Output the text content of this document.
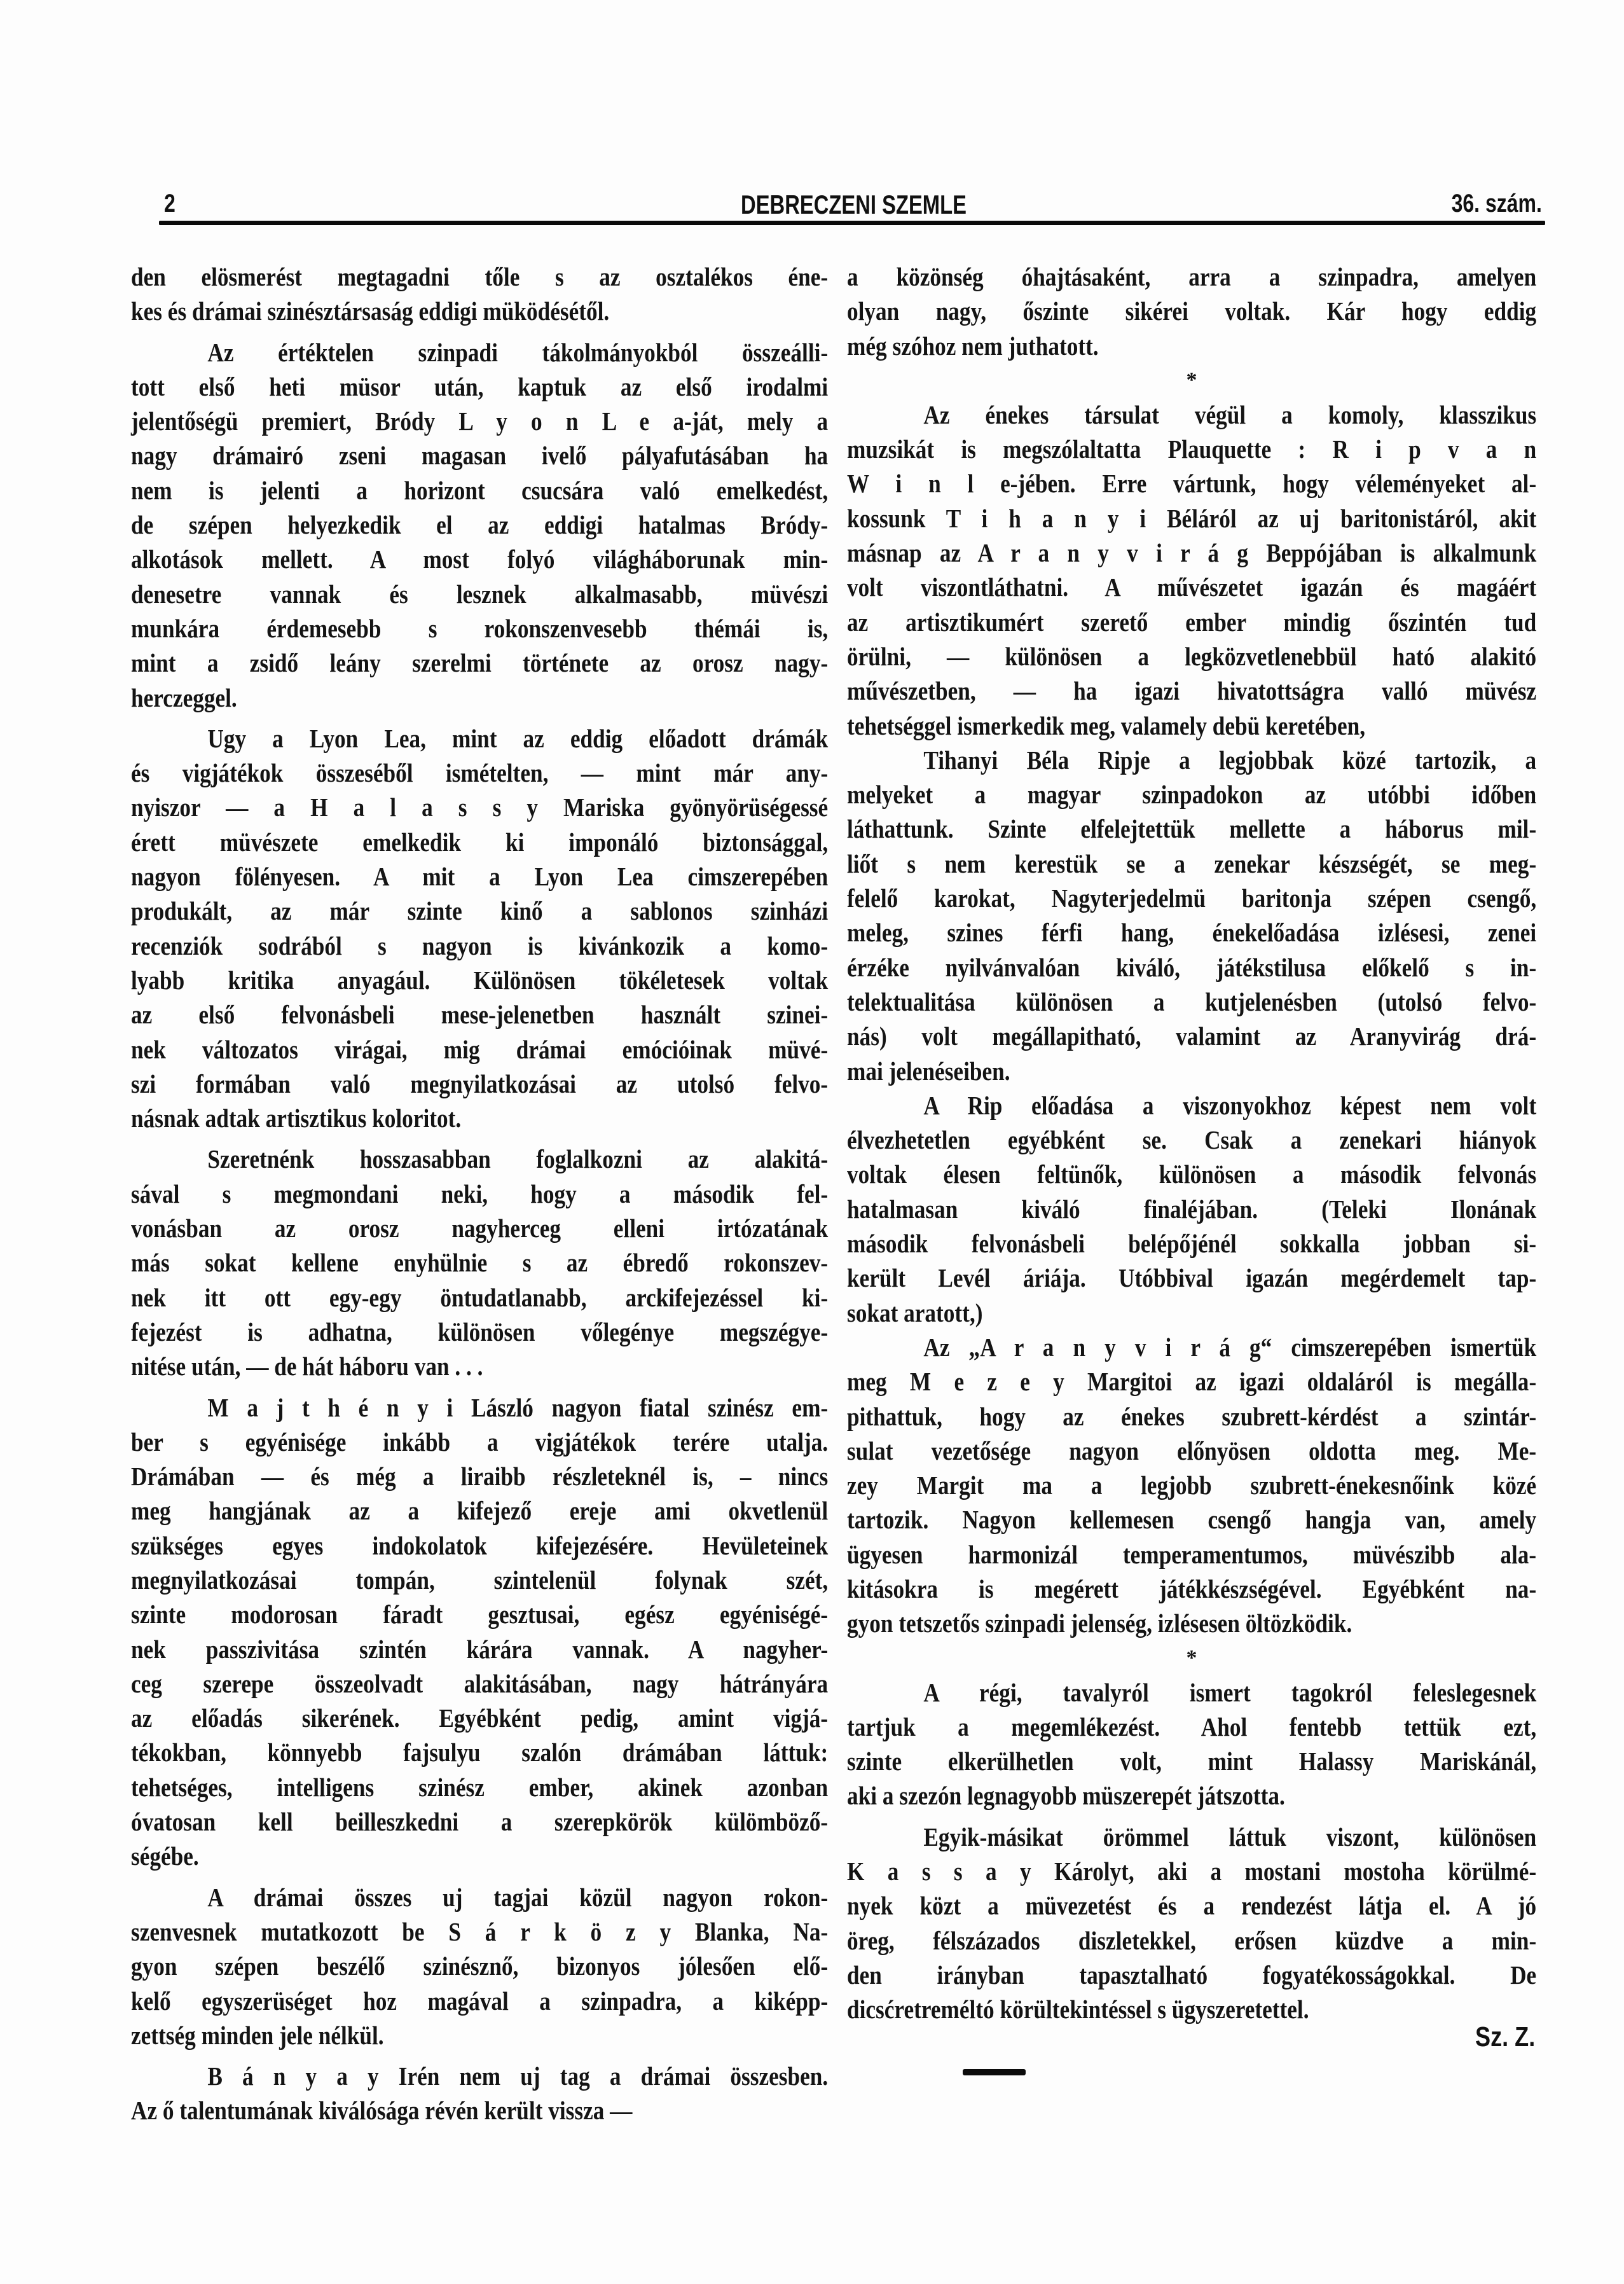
2	DEBRECZENI SZEMLE	36. szám.
den elösmerést megtagadni tőle s az osztalékos éne-
kes és drámai szinésztársaság eddigi müködésétől.
Az értéktelen szinpadi tákolmányokból összeálli-
tott első heti müsor után, kaptuk az első irodalmi
jelentőségü premiert, Bródy L y o n L e a-ját, mely a
nagy drámairó zseni magasan ivelő pályafutásában ha
nem is jelenti a horizont csucsára való emelkedést,
de szépen helyezkedik el az eddigi hatalmas Bródy-
alkotások mellett. A most folyó világháborunak min-
denesetre vannak és lesznek alkalmasabb, müvészi
munkára érdemesebb s rokonszenvesebb thémái is,
mint a zsidő leány szerelmi története az orosz nagy-
herczeggel.
Ugy a Lyon Lea, mint az eddig előadott drámák
és vigjátékok összeséből ismételten, — mint már any-
nyiszor — a H a l a s s y Mariska gyönyörüségessé
érett müvészete emelkedik ki imponáló biztonsággal,
nagyon fölényesen. A mit a Lyon Lea cimszerepében
produkált, az már szinte kinő a sablonos szinházi
recenziók sodrából s nagyon is kivánkozik a komo-
lyabb kritika anyagául. Különösen tökéletesek voltak
az első felvonásbeli mese-jelenetben használt szinei-
nek változatos virágai, mig drámai emócióinak müvé-
szi formában való megnyilatkozásai az utolsó felvo-
násnak adtak artisztikus koloritot.
Szeretnénk hosszasabban foglalkozni az alakitá-
sával s megmondani neki, hogy a második fel-
vonásban az orosz nagyherceg elleni irtózatának
más sokat kellene enyhülnie s az ébredő rokonszev-
nek itt ott egy-egy öntudatlanabb, arckifejezéssel ki-
fejezést is adhatna, különösen vőlegénye megszégye-
nitése után, — de hát háboru van . . .
M a j t h é n y i László nagyon fiatal szinész em-
ber s egyénisége inkább a vigjátékok terére utalja.
Drámában — és még a liraibb részleteknél is, – nincs
meg hangjának az a kifejező ereje ami okvetlenül
szükséges egyes indokolatok kifejezésére. Hevületeinek
megnyilatkozásai tompán, szintelenül folynak szét,
szinte modorosan fáradt gesztusai, egész egyéniségé-
nek passzivitása szintén kárára vannak. A nagyher-
ceg szerepe összeolvadt alakitásában, nagy hátrányára
az előadás sikerének. Egyébként pedig, amint vigjá-
tékokban, könnyebb fajsulyu szalón drámában láttuk:
tehetséges, intelligens szinész ember, akinek azonban
óvatosan kell beilleszkedni a szerepkörök külömböző-
ségébe.
A drámai összes uj tagjai közül nagyon rokon-
szenvesnek mutatkozott be S á r k ö z y Blanka, Na-
gyon szépen beszélő szinésznő, bizonyos jólesően elő-
kelő egyszerüséget hoz magával a szinpadra, a kiképp-
zettség minden jele nélkül.
B á n y a y Irén nem uj tag a drámai összesben.
Az ő talentumának kiválósága révén került vissza —
a közönség óhajtásaként, arra a szinpadra, amelyen
olyan nagy, őszinte sikérei voltak. Kár hogy eddig
még szóhoz nem juthatott.
*
Az énekes társulat végül a komoly, klasszikus
muzsikát is megszólaltatta Plauquette : R i p v a n
W i n l e-jében. Erre vártunk, hogy véleményeket al-
kossunk T i h a n y i Béláról az uj baritonistáról, akit
másnap az A r a n y v i r á g Beppójában is alkalmunk
volt viszontláthatni. A művészetet igazán és magáért
az artisztikumért szerető ember mindig őszintén tud
örülni, — különösen a legközvetlenebbül ható alakitó
művészetben, — ha igazi hivatottságra valló müvész
tehetséggel ismerkedik meg, valamely debü keretében,
Tihanyi Béla Ripje a legjobbak közé tartozik, a
melyeket a magyar szinpadokon az utóbbi időben
láthattunk. Szinte elfelejtettük mellette a háborus mil-
liőt s nem kerestük se a zenekar készségét, se meg-
felelő karokat, Nagyterjedelmü baritonja szépen csengő,
meleg, szines férfi hang, énekelőadása izlésesi, zenei
érzéke nyilvánvalóan kiváló, játékstilusa előkelő s in-
telektualitása különösen a kutjelenésben (utolsó felvo-
nás) volt megállapitható, valamint az Aranyvirág drá-
mai jelenéseiben.
A Rip előadása a viszonyokhoz képest nem volt
élvezhetetlen egyébként se. Csak a zenekari hiányok
voltak élesen feltünők, különösen a második felvonás
hatalmasan kiváló finaléjában. (Teleki Ilonának
második felvonásbeli belépőjénél sokkalla jobban si-
került Levél áriája. Utóbbival igazán megérdemelt tap-
sokat aratott,)
Az „A r a n y v i r á g“ cimszerepében ismertük
meg M e z e y Margitoi az igazi oldaláról is megálla-
pithattuk, hogy az énekes szubrett-kérdést a szintár-
sulat vezetősége nagyon előnyösen oldotta meg. Me-
zey Margit ma a legjobb szubrett-énekesnőink közé
tartozik. Nagyon kellemesen csengő hangja van, amely
ügyesen harmonizál temperamentumos, müvészibb ala-
kitásokra is megérett játékkészségével. Egyébként na-
gyon tetszetős szinpadi jelenség, izlésesen öltözködik.
*
A régi, tavalyról ismert tagokról feleslegesnek
tartjuk a megemlékezést. Ahol fentebb tettük ezt,
szinte elkerülhetlen volt, mint Halassy Mariskánál,
aki a szezón legnagyobb müszerepét játszotta.
Egyik-másikat örömmel láttuk viszont, különösen
K a s s a y Károlyt, aki a mostani mostoha körülmé-
nyek közt a müvezetést és a rendezést látja el. A jó
öreg, félszázados diszletekkel, erősen küzdve a min-
den irányban tapasztalható fogyatékosságokkal. De
dicsćretreméltó körültekintéssel s ügyszeretettel.
Sz. Z.
